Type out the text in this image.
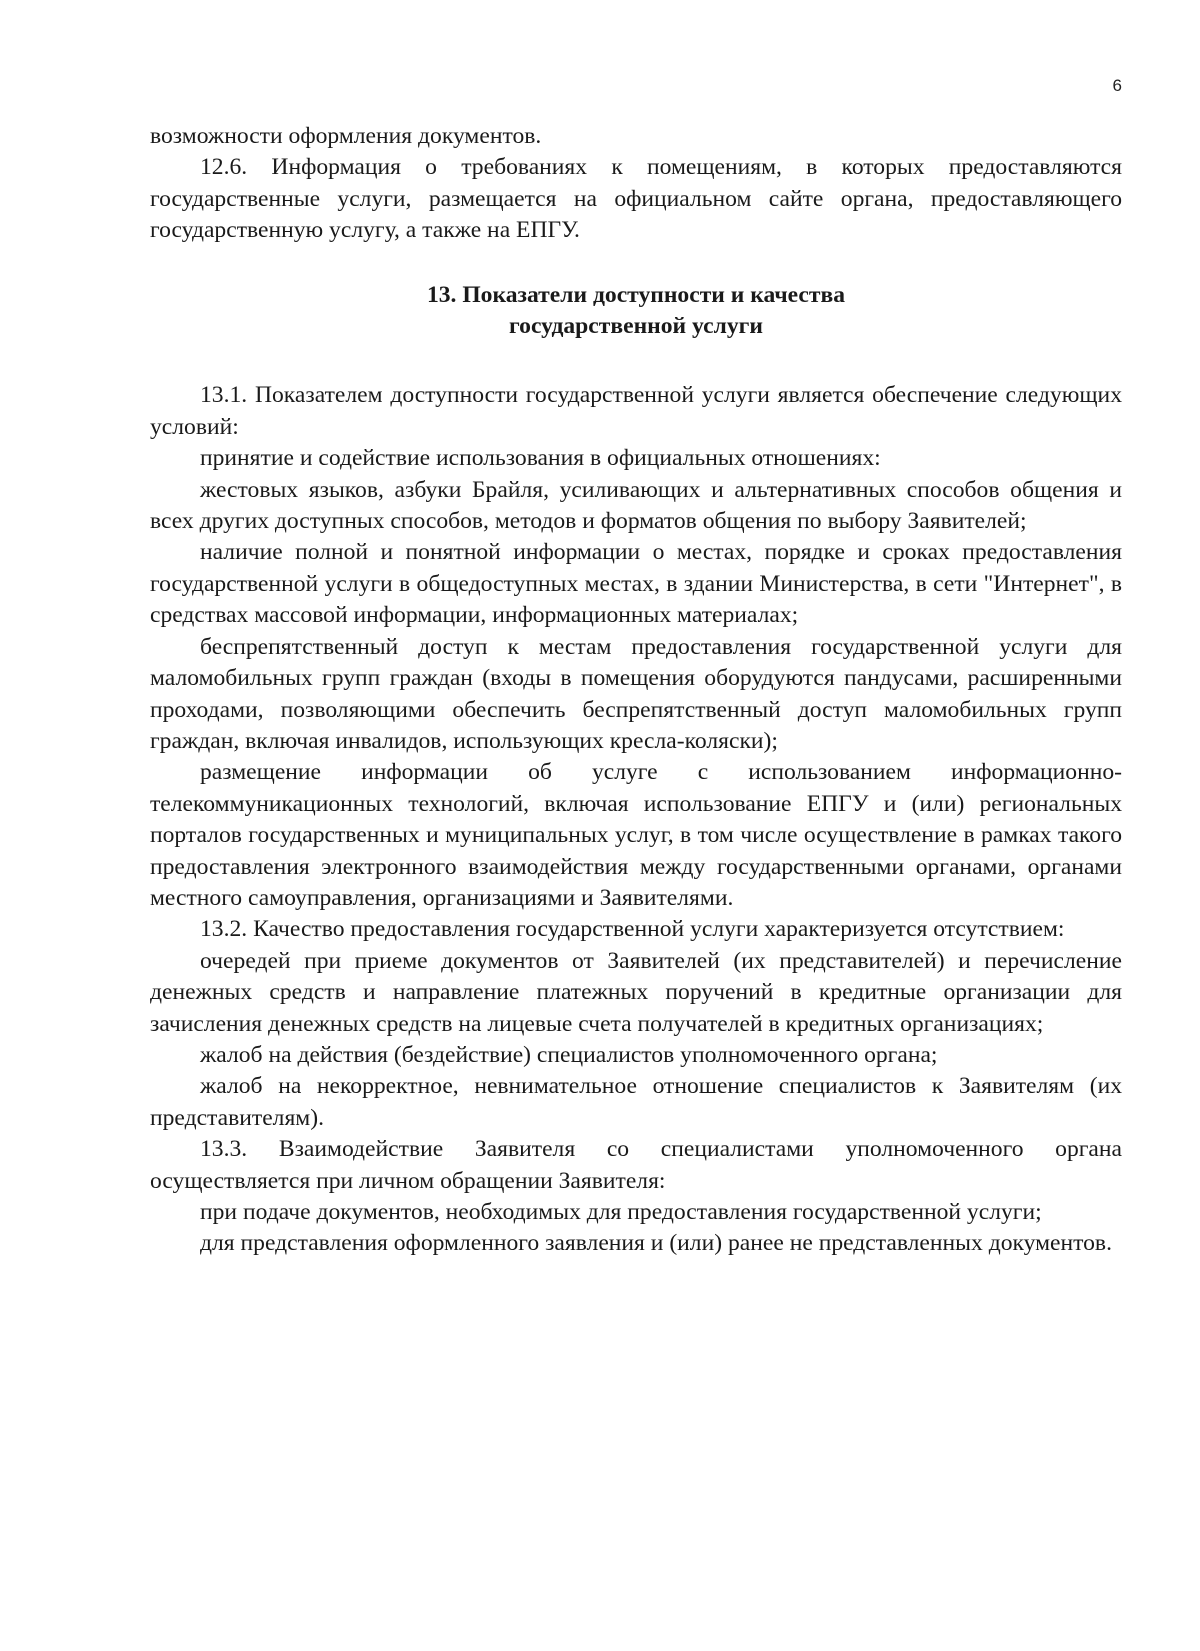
6

возможности оформления документов.

12.6. Информация о требованиях к помещениям, в которых предоставляются государственные услуги, размещается на официальном сайте органа, предоставляющего государственную услугу, а также на ЕПГУ.

13. Показатели доступности и качества
государственной услуги

13.1. Показателем доступности государственной услуги является обеспечение следующих условий:

принятие и содействие использования в официальных отношениях:

жестовых языков, азбуки Брайля, усиливающих и альтернативных способов общения и всех других доступных способов, методов и форматов общения по выбору Заявителей;

наличие полной и понятной информации о местах, порядке и сроках предоставления государственной услуги в общедоступных местах, в здании Министерства, в сети "Интернет", в средствах массовой информации, информационных материалах;

беспрепятственный доступ к местам предоставления государственной услуги для маломобильных групп граждан (входы в помещения оборудуются пандусами, расширенными проходами, позволяющими обеспечить беспрепятственный доступ маломобильных групп граждан, включая инвалидов, использующих кресла-коляски);

размещение информации об услуге с использованием информационно-телекоммуникационных технологий, включая использование ЕПГУ и (или) региональных порталов государственных и муниципальных услуг, в том числе осуществление в рамках такого предоставления электронного взаимодействия между государственными органами, органами местного самоуправления, организациями и Заявителями.

13.2. Качество предоставления государственной услуги характеризуется отсутствием:

очередей при приеме документов от Заявителей (их представителей) и перечисление денежных средств и направление платежных поручений в кредитные организации для зачисления денежных средств на лицевые счета получателей в кредитных организациях;

жалоб на действия (бездействие) специалистов уполномоченного органа;

жалоб на некорректное, невнимательное отношение специалистов к Заявителям (их представителям).

13.3. Взаимодействие Заявителя со специалистами уполномоченного органа осуществляется при личном обращении Заявителя:

при подаче документов, необходимых для предоставления государственной услуги;

для представления оформленного заявления и (или) ранее не представленных документов.
